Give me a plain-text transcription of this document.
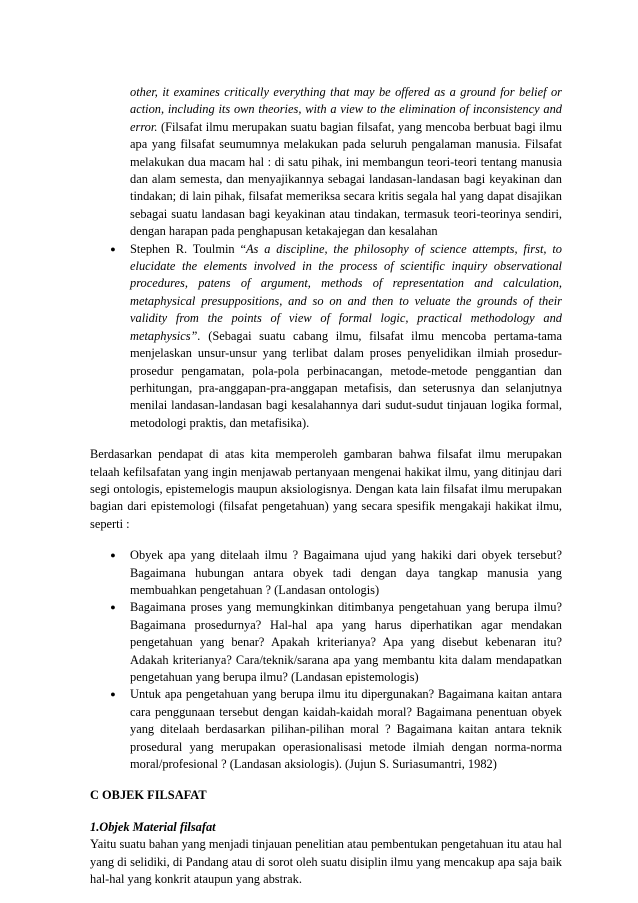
other, it examines critically everything that may be offered as a ground for belief or action, including its own theories, with a view to the elimination of inconsistency and error. (Filsafat ilmu merupakan suatu bagian filsafat, yang mencoba berbuat bagi ilmu apa yang filsafat seumumnya melakukan pada seluruh pengalaman manusia. Filsafat melakukan dua macam hal : di satu pihak, ini membangun teori-teori tentang manusia dan alam semesta, dan menyajikannya sebagai landasan-landasan bagi keyakinan dan tindakan; di lain pihak, filsafat memeriksa secara kritis segala hal yang dapat disajikan sebagai suatu landasan bagi keyakinan atau tindakan, termasuk teori-teorinya sendiri, dengan harapan pada penghapusan ketakajegan dan kesalahan

● Stephen R. Toulmin “As a discipline, the philosophy of science attempts, first, to elucidate the elements involved in the process of scientific inquiry observational procedures, patens of argument, methods of representation and calculation, metaphysical presuppositions, and so on and then to veluate the grounds of their validity from the points of view of formal logic, practical methodology and metaphysics”. (Sebagai suatu cabang ilmu, filsafat ilmu mencoba pertama-tama menjelaskan unsur-unsur yang terlibat dalam proses penyelidikan ilmiah prosedur-prosedur pengamatan, pola-pola perbinacangan, metode-metode penggantian dan perhitungan, pra-anggapan-pra-anggapan metafisis, dan seterusnya dan selanjutnya menilai landasan-landasan bagi kesalahannya dari sudut-sudut tinjauan logika formal, metodologi praktis, dan metafisika).

Berdasarkan pendapat di atas kita memperoleh gambaran bahwa filsafat ilmu merupakan telaah kefilsafatan yang ingin menjawab pertanyaan mengenai hakikat ilmu, yang ditinjau dari segi ontologis, epistemelogis maupun aksiologisnya. Dengan kata lain filsafat ilmu merupakan bagian dari epistemologi (filsafat pengetahuan) yang secara spesifik mengakaji hakikat ilmu, seperti :

● Obyek apa yang ditelaah ilmu ? Bagaimana ujud yang hakiki dari obyek tersebut? Bagaimana hubungan antara obyek tadi dengan daya tangkap manusia yang membuahkan pengetahuan ? (Landasan ontologis)

● Bagaimana proses yang memungkinkan ditimbanya pengetahuan yang berupa ilmu? Bagaimana prosedurnya? Hal-hal apa yang harus diperhatikan agar mendakan pengetahuan yang benar? Apakah kriterianya? Apa yang disebut kebenaran itu? Adakah kriterianya? Cara/teknik/sarana apa yang membantu kita dalam mendapatkan pengetahuan yang berupa ilmu? (Landasan epistemologis)

● Untuk apa pengetahuan yang berupa ilmu itu dipergunakan? Bagaimana kaitan antara cara penggunaan tersebut dengan kaidah-kaidah moral? Bagaimana penentuan obyek yang ditelaah berdasarkan pilihan-pilihan moral ? Bagaimana kaitan antara teknik prosedural yang merupakan operasionalisasi metode ilmiah dengan norma-norma moral/profesional ? (Landasan aksiologis). (Jujun S. Suriasumantri, 1982)

C OBJEK FILSAFAT
1.Objek Material filsafat

Yaitu suatu bahan yang menjadi tinjauan penelitian atau pembentukan pengetahuan itu atau hal yang di selidiki, di Pandang atau di sorot oleh suatu disiplin ilmu yang mencakup apa saja baik hal-hal yang konkrit ataupun yang abstrak.
